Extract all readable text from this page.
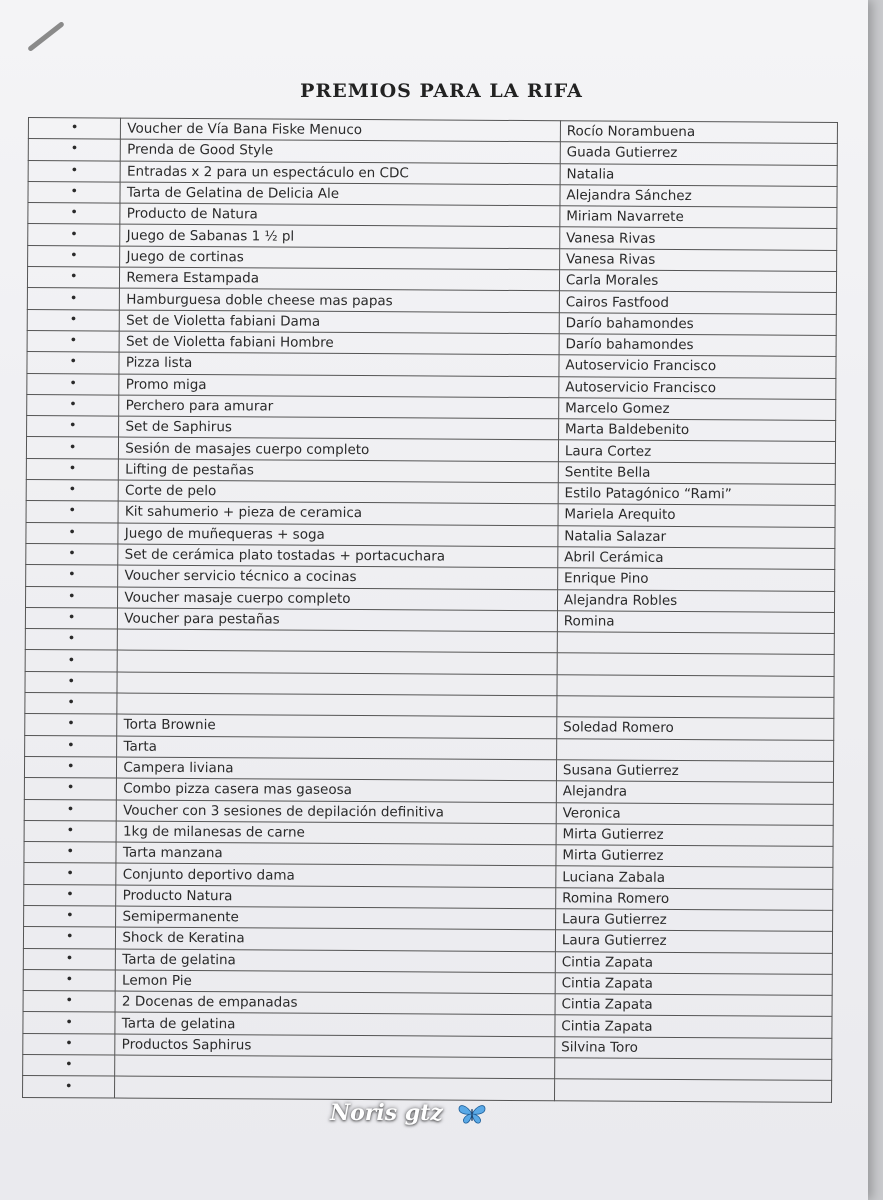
PREMIOS PARA LA RIFA
•	Voucher de Vía Bana Fiske Menuco	Rocío Norambuena
•	Prenda de Good Style	Guada Gutierrez
•	Entradas x 2 para un espectáculo en CDC	Natalia
•	Tarta de Gelatina de Delicia Ale	Alejandra Sánchez
•	Producto de Natura	Miriam Navarrete
•	Juego de Sabanas 1 ½ pl	Vanesa Rivas
•	Juego de cortinas	Vanesa Rivas
•	Remera Estampada	Carla Morales
•	Hamburguesa doble cheese mas papas	Cairos Fastfood
•	Set de Violetta fabiani Dama	Darío bahamondes
•	Set de Violetta fabiani Hombre	Darío bahamondes
•	Pizza lista	Autoservicio Francisco
•	Promo miga	Autoservicio Francisco
•	Perchero para amurar	Marcelo Gomez
•	Set de Saphirus	Marta Baldebenito
•	Sesión de masajes cuerpo completo	Laura Cortez
•	Lifting de pestañas	Sentite Bella
•	Corte de pelo	Estilo Patagónico “Rami”
•	Kit sahumerio + pieza de ceramica	Mariela Arequito
•	Juego de muñequeras + soga	Natalia Salazar
•	Set de cerámica plato tostadas + portacuchara	Abril Cerámica
•	Voucher servicio técnico a cocinas	Enrique Pino
•	Voucher masaje cuerpo completo	Alejandra Robles
•	Voucher para pestañas	Romina
•		
•		
•		
•		
•	Torta Brownie	Soledad Romero
•	Tarta	
•	Campera liviana	Susana Gutierrez
•	Combo pizza casera mas gaseosa	Alejandra
•	Voucher con 3 sesiones de depilación definitiva	Veronica
•	1kg de milanesas de carne	Mirta Gutierrez
•	Tarta manzana	Mirta Gutierrez
•	Conjunto deportivo dama	Luciana Zabala
•	Producto Natura	Romina Romero
•	Semipermanente	Laura Gutierrez
•	Shock de Keratina	Laura Gutierrez
•	Tarta de gelatina	Cintia Zapata
•	Lemon Pie	Cintia Zapata
•	2 Docenas de empanadas	Cintia Zapata
•	Tarta de gelatina	Cintia Zapata
•	Productos Saphirus	Silvina Toro
•		
•		
Noris gtz
